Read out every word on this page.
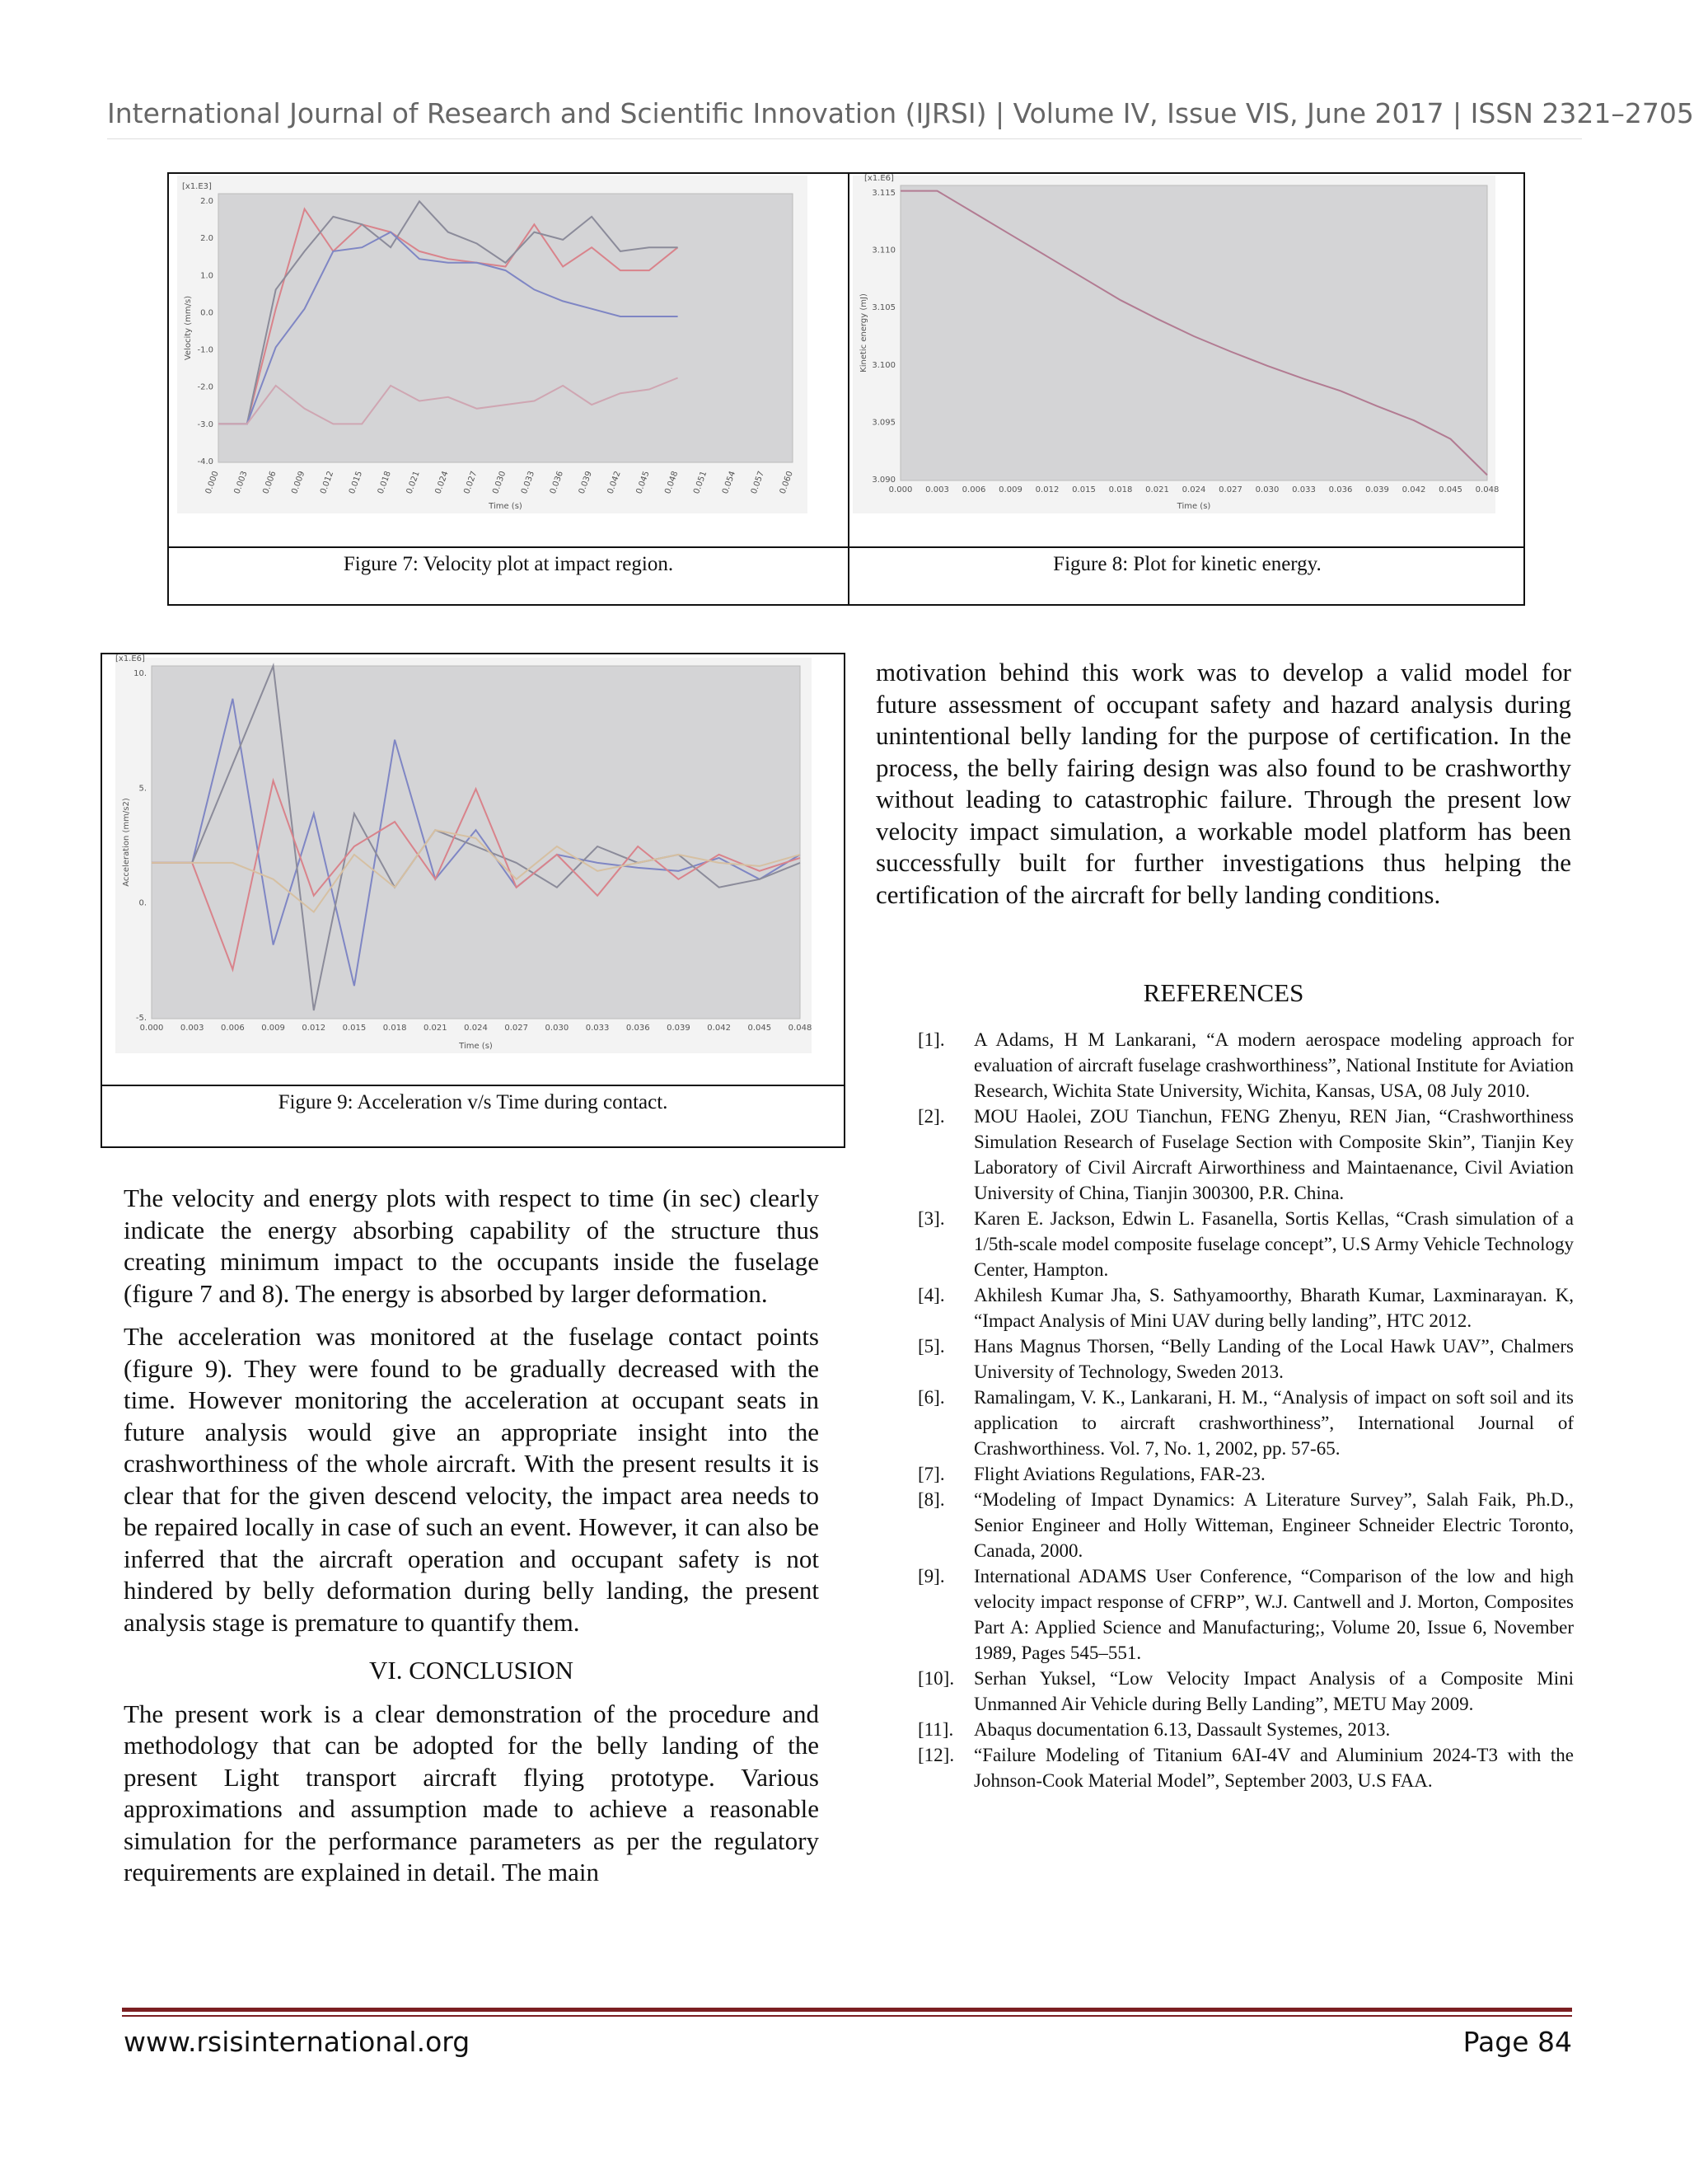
International Journal of Research and Scientific Innovation (IJRSI) | Volume IV, Issue VIS, June 2017 | ISSN 2321–2705
Figure 7: Velocity plot at impact region.	Figure 8: Plot for kinetic energy.
[x1.E3]
2.0
2.0
1.0
0.0
-1.0
-2.0
-3.0
-4.0
0.000 0.003 0.006 0.009 0.012 0.015 0.018 0.021 0.024 0.027 0.030 0.033 0.036 0.039 0.042 0.045 0.048 0.051 0.054 0.057 0.060
Time (s)
Velocity (mm/s)
[x1.E6]
3.115
3.110
3.105
3.100
3.095
3.090
0.000 0.003 0.006 0.009 0.012 0.015 0.018 0.021 0.024 0.027 0.030 0.033 0.036 0.039 0.042 0.045 0.048
Time (s)
Kinetic energy (mJ)
Figure 9: Acceleration v/s Time during contact.
[x1.E6]
10.
5.
0.
-5.
0.000 0.003 0.006 0.009 0.012 0.015 0.018 0.021 0.024 0.027 0.030 0.033 0.036 0.039 0.042 0.045 0.048
Time (s)
Acceleration (mm/s2)

The velocity and energy plots with respect to time (in sec) clearly indicate the energy absorbing capability of the structure thus creating minimum impact to the occupants inside the fuselage (figure 7 and 8). The energy is absorbed by larger deformation.

The acceleration was monitored at the fuselage contact points (figure 9). They were found to be gradually decreased with the time. However monitoring the acceleration at occupant seats in future analysis would give an appropriate insight into the crashworthiness of the whole aircraft. With the present results it is clear that for the given descend velocity, the impact area needs to be repaired locally in case of such an event. However, it can also be inferred that the aircraft operation and occupant safety is not hindered by belly deformation during belly landing, the present analysis stage is premature to quantify them.

VI. CONCLUSION

The present work is a clear demonstration of the procedure and methodology that can be adopted for the belly landing of the present Light transport aircraft flying prototype. Various approximations and assumption made to achieve a reasonable simulation for the performance parameters as per the regulatory requirements are explained in detail. The main

motivation behind this work was to develop a valid model for future assessment of occupant safety and hazard analysis during unintentional belly landing for the purpose of certification. In the process, the belly fairing design was also found to be crashworthy without leading to catastrophic failure. Through the present low velocity impact simulation, a workable model platform has been successfully built for further investigations thus helping the certification of the aircraft for belly landing conditions.

REFERENCES
[1].	A Adams, H M Lankarani, “A modern aerospace modeling approach for evaluation of aircraft fuselage crashworthiness”, National Institute for Aviation Research, Wichita State University, Wichita, Kansas, USA, 08 July 2010.
[2].	MOU Haolei, ZOU Tianchun, FENG Zhenyu, REN Jian, “Crashworthiness Simulation Research of Fuselage Section with Composite Skin”, Tianjin Key Laboratory of Civil Aircraft Airworthiness and Maintaenance, Civil Aviation University of China, Tianjin 300300, P.R. China.
[3].	Karen E. Jackson, Edwin L. Fasanella, Sortis Kellas, “Crash simulation of a 1/5th-scale model composite fuselage concept”, U.S Army Vehicle Technology Center, Hampton.
[4].	Akhilesh Kumar Jha, S. Sathyamoorthy, Bharath Kumar, Laxminarayan. K, “Impact Analysis of Mini UAV during belly landing”, HTC 2012.
[5].	Hans Magnus Thorsen, “Belly Landing of the Local Hawk UAV”, Chalmers University of Technology, Sweden 2013.
[6].	Ramalingam, V. K., Lankarani, H. M., “Analysis of impact on soft soil and its application to aircraft crashworthiness”, International Journal of Crashworthiness. Vol. 7, No. 1, 2002, pp. 57-65.
[7].	Flight Aviations Regulations, FAR-23.
[8].	“Modeling of Impact Dynamics: A Literature Survey”, Salah Faik, Ph.D., Senior Engineer and Holly Witteman, Engineer Schneider Electric Toronto, Canada, 2000.
[9].	International ADAMS User Conference, “Comparison of the low and high velocity impact response of CFRP”, W.J. Cantwell and J. Morton, Composites Part A: Applied Science and Manufacturing;, Volume 20, Issue 6, November 1989, Pages 545–551.
[10].	Serhan Yuksel, “Low Velocity Impact Analysis of a Composite Mini Unmanned Air Vehicle during Belly Landing”, METU May 2009.
[11].	Abaqus documentation 6.13, Dassault Systemes, 2013.
[12].	“Failure Modeling of Titanium 6AI-4V and Aluminium 2024-T3 with the Johnson-Cook Material Model”, September 2003, U.S FAA.
www.rsisinternational.org	Page 84
